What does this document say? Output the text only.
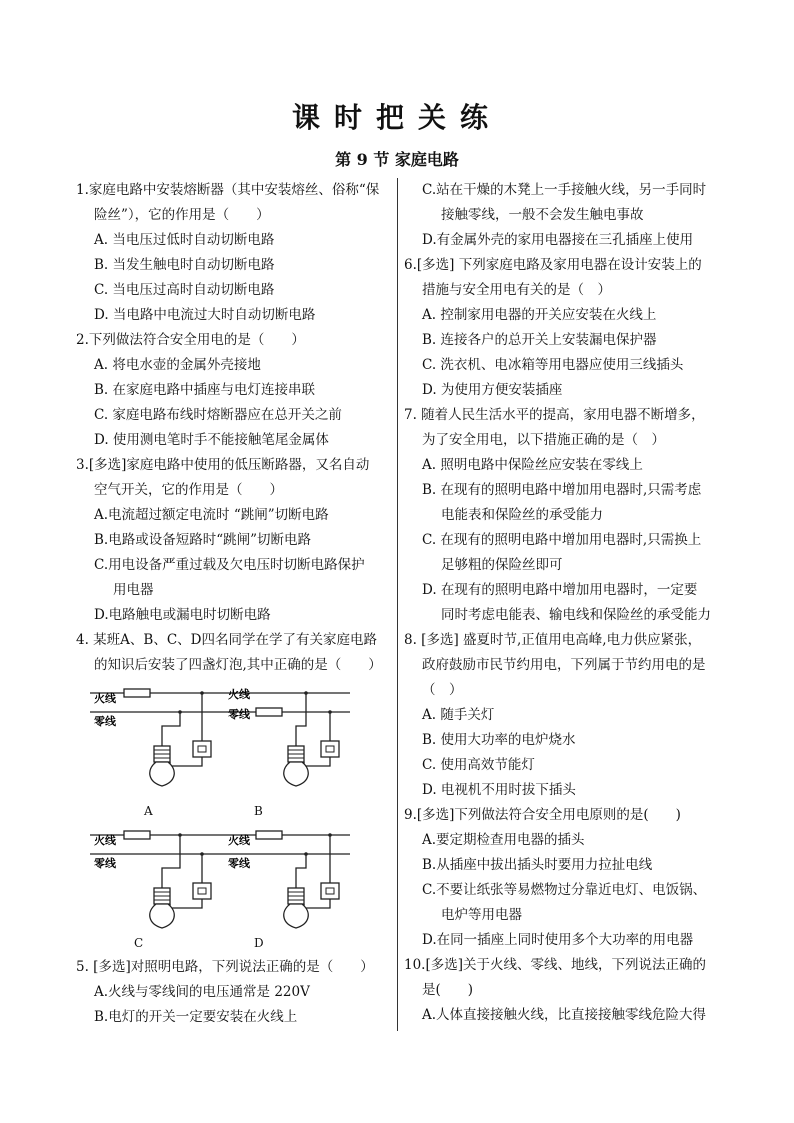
课时把关练
第 9 节 家庭电路
1.家庭电路中安装熔断器（其中安装熔丝、俗称“保
险丝”），它的作用是（　　）
A. 当电压过低时自动切断电路
B. 当发生触电时自动切断电路
C. 当电压过高时自动切断电路
D. 当电路中电流过大时自动切断电路
2.下列做法符合安全用电的是（　　）
A. 将电水壶的金属外壳接地
B. 在家庭电路中插座与电灯连接串联
C. 家庭电路布线时熔断器应在总开关之前
D. 使用测电笔时手不能接触笔尾金属体
3.[多选]家庭电路中使用的低压断路器，又名自动
空气开关，它的作用是（　　）
A.电流超过额定电流时 “跳闸”切断电路
B.电路或设备短路时“跳闸”切断电路
C.用电设备严重过载及欠电压时切断电路保护
用电器
D.电路触电或漏电时切断电路
4. 某班A、B、C、D四名同学在学了有关家庭电路
的知识后安装了四盏灯泡,其中正确的是（　　）
火线
零线
A
火线
零线
B
火线
零线
C
火线
零线
D
5. [多选]对照明电路，下列说法正确的是（　　）
A.火线与零线间的电压通常是 220V
B.电灯的开关一定要安装在火线上
C.站在干燥的木凳上一手接触火线，另一手同时
接触零线，一般不会发生触电事故
D.有金属外壳的家用电器接在三孔插座上使用
6.[多选] 下列家庭电路及家用电器在设计安装上的
措施与安全用电有关的是（　）
A. 控制家用电器的开关应安装在火线上
B. 连接各户的总开关上安装漏电保护器
C. 洗衣机、电冰箱等用电器应使用三线插头
D. 为使用方便安装插座
7. 随着人民生活水平的提高，家用电器不断增多，
为了安全用电，以下措施正确的是（　）
A. 照明电路中保险丝应安装在零线上
B. 在现有的照明电路中增加用电器时,只需考虑
电能表和保险丝的承受能力
C. 在现有的照明电路中增加用电器时,只需换上
足够粗的保险丝即可
D. 在现有的照明电路中增加用电器时，一定要
同时考虑电能表、输电线和保险丝的承受能力
8. [多选] 盛夏时节,正值用电高峰,电力供应紧张，
政府鼓励市民节约用电，下列属于节约用电的是
（　）
A. 随手关灯
B. 使用大功率的电炉烧水
C. 使用高效节能灯
D. 电视机不用时拔下插头
9.[多选]下列做法符合安全用电原则的是(　　)
A.要定期检查用电器的插头
B.从插座中拔出插头时要用力拉扯电线
C.不要让纸张等易燃物过分靠近电灯、电饭锅、
电炉等用电器
D.在同一插座上同时使用多个大功率的用电器
10.[多选]关于火线、零线、地线，下列说法正确的
是(　　)
A.人体直接接触火线，比直接接触零线危险大得
